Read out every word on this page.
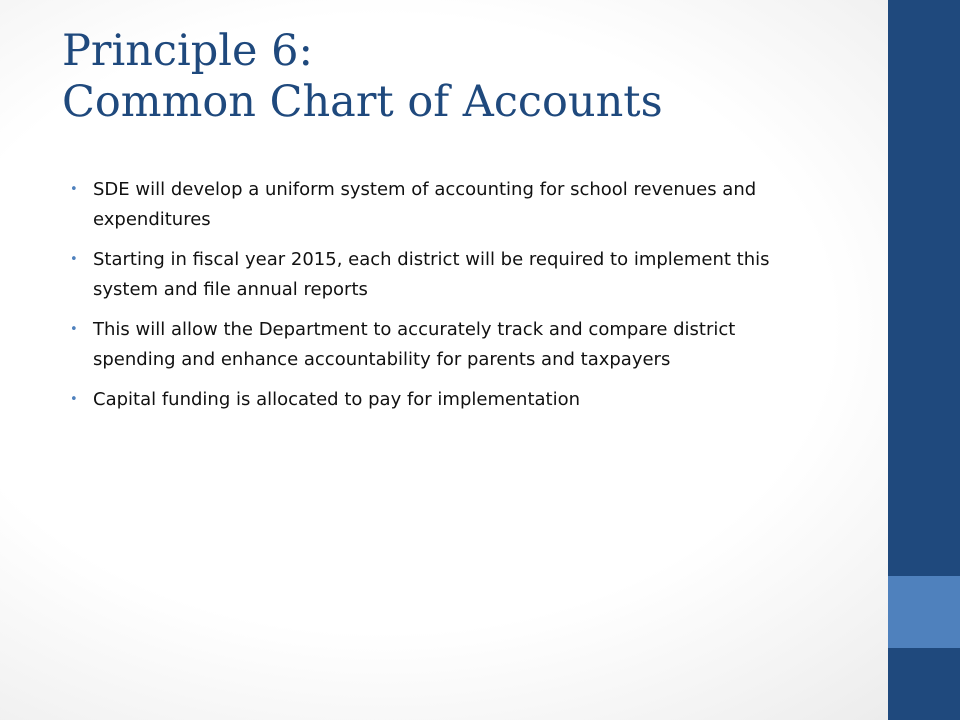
Principle 6:
Common Chart of Accounts
• SDE will develop a uniform system of accounting for school revenues and expenditures
• Starting in fiscal year 2015, each district will be required to implement this system and file annual reports
• This will allow the Department to accurately track and compare district spending and enhance accountability for parents and taxpayers
• Capital funding is allocated to pay for implementation
